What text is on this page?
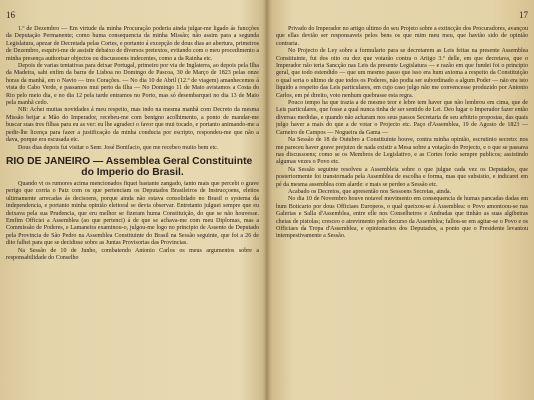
16

1.º de Dezembro — Em virtude da minha Procuração poderia ainda julgar-me ligado ás funcções da Deputação Permanente; como huma consequencia da minha Missão; não assim para a segunda Legislatura, apezar de Decretada pelas Cortes, e portanto á excepção de dous dias ao abertura, primeiros de Dezembro, esquivi-me de assistir debaixo de diversos pretextos, evitando com o meu procedimento a minha presença authorisar objectos ou discussoens indecentes, como a da Rainha etc.

Depois de varias tentativas para deixar Portugal, primeiro por via de Inglaterra, ao depois pela Ilha da Madeira, sahi enfim da barra de Lisboa no Domingo de Pascoa, 30 de Março de 1823 pelas onze horas da manhã, em o Navio — tres Corações. — No dia 10 de Abril (12.º de viagem) amanhecemos á vista do Cabo Verde, e passamos mui perto da Ilha — No Domingo 11 de Maio avistamos a Costa do Rio pelo meio dia, e no dia 12 pela tarde entramos no Porto, mas só desembarquei no dia 13 de Maio pela manhã cedo.

NB: Achei muitas novidades á meu respeito, mas indo na mesma manhã com Decreto da mesma Missão beijar a Mão do Imperador, recebeu-me com benigno acolhimento, a ponto de mandar-me buscar suas tres filhas para eu as ver: eu lhe agradeci o favor que mui tocado, e portanto animando-me a pedir-lhe licença para fazer a justificação da minha conducta por escripto, respondeu-me que não a dava, porque era escusada etc.

Dous dias depois fui visitar o Senr. José Bonifacio, que me recebeo muito bem etc.

RIO DE JANEIRO — Assemblea Geral Constituinte
do Imperio do Brasil.

Quando vi os rumores acima mencionados fiquei bastante zangado, tanto mais que percebi o grave perigo que corria o Paiz com os que pertenciam os Deputados Brasileiros de Instrucçoens, eleitos ultimamente arrecadas ás decisoens, porque ainda não estava consolidado no Brasil o systema da independencia, e portanto minha opinião eleitoral se devia observar. Entretanto julguei sempre que eu deixava pela sua Prudencia, que eru melhor se fizeram huma Constituição, do que se não houvesse. Emfim Officiei a Assemblea (ao que pertenci) á de que se achava-me com meu Diplomas, mas a Commissão de Poderes, e Lamaneira examinou-o, julgou-me logo no principio de Assento de Deputado pela Provincia de São Pedro na Assemblea Constituinte do Brasil na Sessão seguinte, que foi a 26 de dito falhei para que se decidisse sobre as Juntas Provisorias das Provincias.

Na Sessão de 10 de Junho, combatendo Antonio Carlos os meus argumentos sobre a responsabilidade do Conselho

17

Privado do Imperador no artigo ultimo do seu Projeto sobre a extincção dos Procuradores, avançou que ellas devião ser responsaveis pelos bens os que mim meu meu, que havião sido de opinião contraria.

No Projecto de Ley sobre a formulario para se decretarem as Leis feitas na presente Assemblea Constituinte, fui dos oito ou dez que votarão contra o Artigo 3.º delle, em que decretava, que o Imperador não teria Sancção nas Leis da presente Legislatura — e razão em que fundei foi o principio geral, que todo estendido — que um mesmo passo que isso era hum axioma a respeito da Constituição o qual seria o ultimo de que todos os Poderes, não podia ser subordinado a algum Poder — não era isto liquido a respeito das Leis particulares, em cujo caso julgo não me convencesse produzido por Antonio Carlos, em pé direito, voto nenhum quebrasse esta regra.

Pouco tempo ha que trazia a de mesmo teor e lebre tem haver que não lembrou em cima, que de Leis particulares, que fosse a qual nunca tinha de ser sentido de Lei. Deo lugar o Imperador fazer então diversas medidas, e quando não acharam nos seus passos Secretaria de seu arbitrio propostas, das quais julgo haver a mais do que a de votar o Projecto etc. Paço d'Assemblea, 19 de Agosto de 1823 — Carneiro de Campos — Nogueira da Gama —

Na Sessão de 18 de Outubro a Constituinte houve, contra minha opinião, escrutinio secreto: nos me pareceu haver grave prejuizo de nada existir a Mesa sobre a votação do Projecto, e o que se passava nas discussoens; como se os Membros de Legislativo, e as Cortes forão sempre publicos; assistindo algumas vezes o Povo etc.

Na Sessão seguinte resolveu a Assembleia sobre o que julgue cada vez os Deputados, que posteriormente foi transtornada pela Assemblea de escolha e forma, mas que subsistio, e indicarei em pé da mesma assemblea com alarde: e mais se perdeo a Sessão etc.

Acabado os Decretos, que apresentão nos Sessoens Secretas, ainda.

No dia 10 de Novembro houve notavel movimento em consequencia de humas pancadas dadas em hum Boticario por dous Officiaes Europeos, o qual queixou-se á Assemblea: o Povo amontoou-se nas Galerias e Salla d'Assemblea, entre elle nos Conselheiros e Andradas que tinhão as suas algibeiras cheias de pistolas; cresceo o atrevimento pelo decurso da Assemblea; fallou-se em agitar-se o Povo e os Officiaes da Tropa d'Assemblea, e opinionarios dos Deputados, a ponto que o Presidente levantou intempestivamente a Sessão.
